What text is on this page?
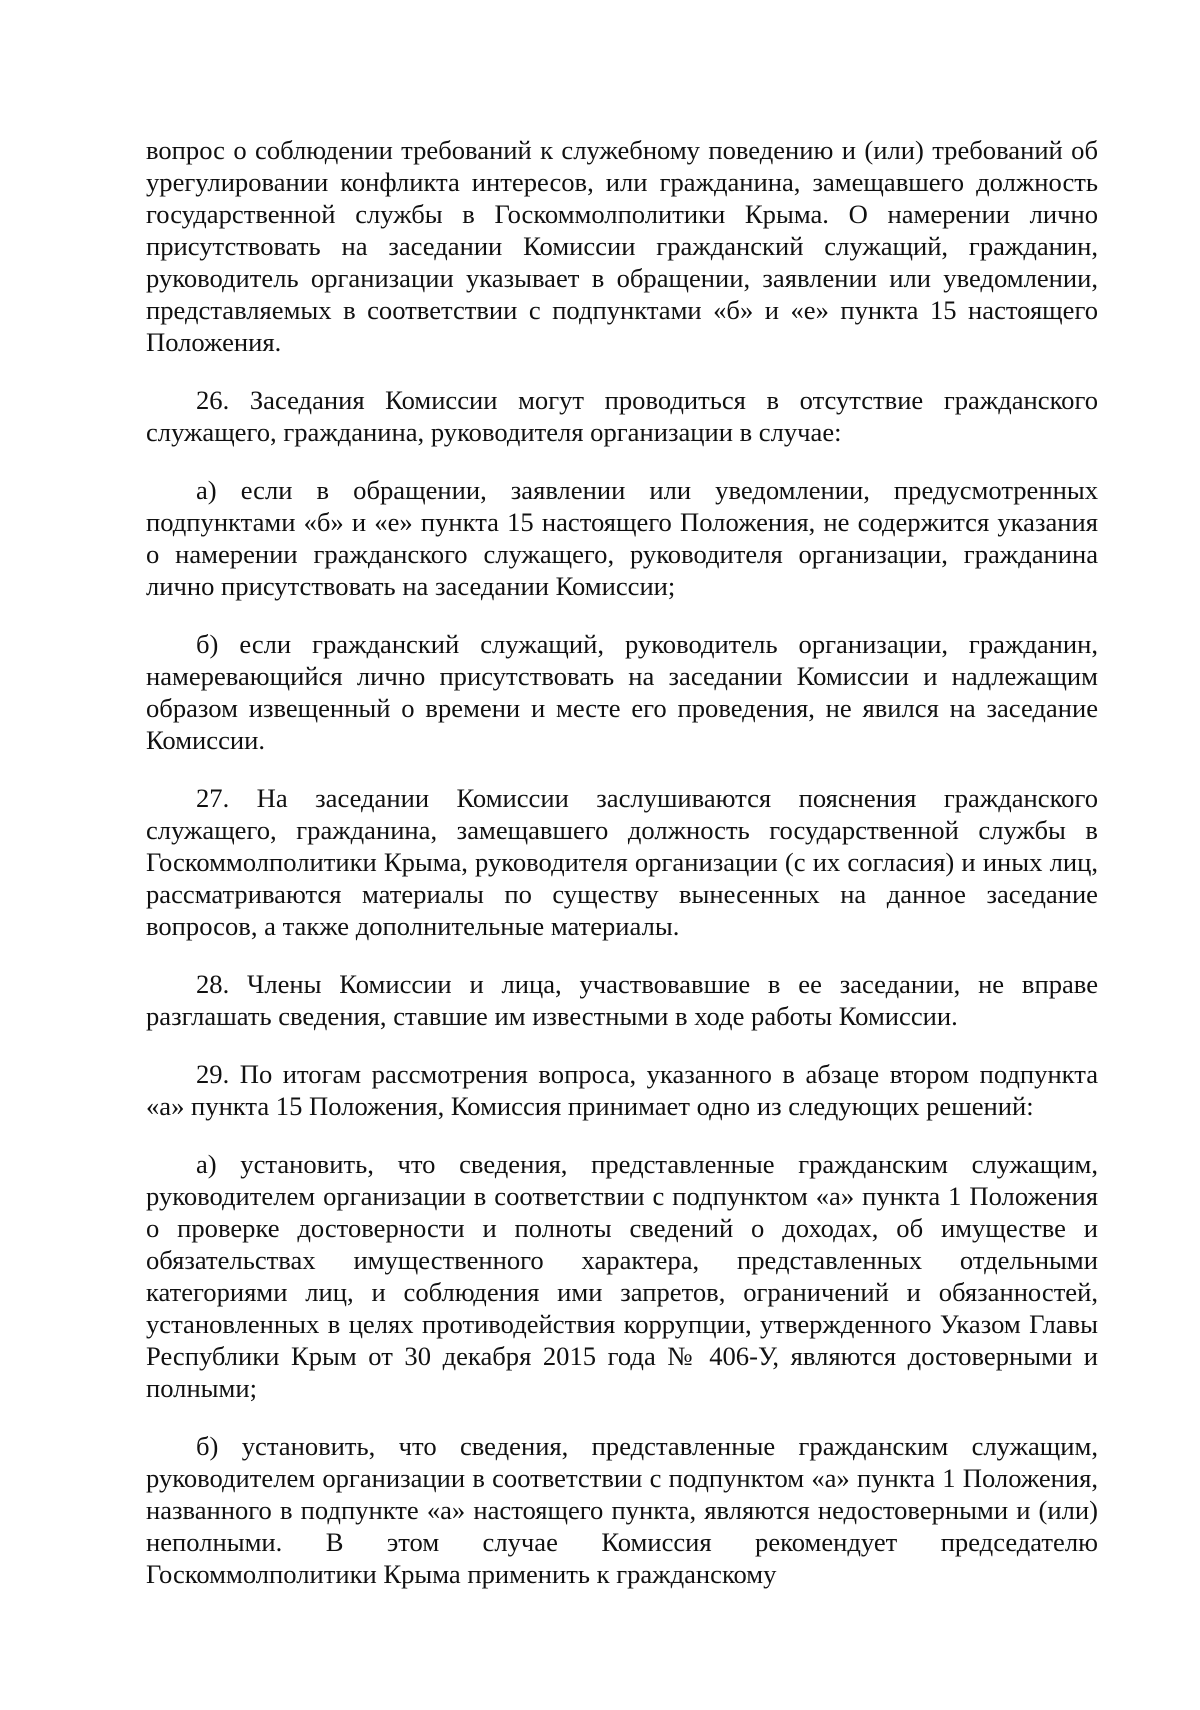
вопрос о соблюдении требований к служебному поведению и (или) требований об урегулировании конфликта интересов, или гражданина, замещавшего должность государственной службы в Госкоммолполитики Крыма. О намерении лично присутствовать на заседании Комиссии гражданский служащий, гражданин, руководитель организации указывает в обращении, заявлении или уведомлении, представляемых в соответствии с подпунктами «б» и «е» пункта 15 настоящего Положения.

26. Заседания Комиссии могут проводиться в отсутствие гражданского служащего, гражданина, руководителя организации в случае:

а) если в обращении, заявлении или уведомлении, предусмотренных подпунктами «б» и «е» пункта 15 настоящего Положения, не содержится указания о намерении гражданского служащего, руководителя организации, гражданина лично присутствовать на заседании Комиссии;

б) если гражданский служащий, руководитель организации, гражданин, намеревающийся лично присутствовать на заседании Комиссии и надлежащим образом извещенный о времени и месте его проведения, не явился на заседание Комиссии.

27. На заседании Комиссии заслушиваются пояснения гражданского служащего, гражданина, замещавшего должность государственной службы в Госкоммолполитики Крыма, руководителя организации (с их согласия) и иных лиц, рассматриваются материалы по существу вынесенных на данное заседание вопросов, а также дополнительные материалы.

28. Члены Комиссии и лица, участвовавшие в ее заседании, не вправе разглашать сведения, ставшие им известными в ходе работы Комиссии.

29. По итогам рассмотрения вопроса, указанного в абзаце втором подпункта «а» пункта 15 Положения, Комиссия принимает одно из следующих решений:

а) установить, что сведения, представленные гражданским служащим, руководителем организации в соответствии с подпунктом «а» пункта 1 Положения о проверке достоверности и полноты сведений о доходах, об имуществе и обязательствах имущественного характера, представленных отдельными категориями лиц, и соблюдения ими запретов, ограничений и обязанностей, установленных в целях противодействия коррупции, утвержденного Указом Главы Республики Крым от 30 декабря 2015 года № 406-У, являются достоверными и полными;

б) установить, что сведения, представленные гражданским служащим, руководителем организации в соответствии с подпунктом «а» пункта 1 Положения, названного в подпункте «а» настоящего пункта, являются недостоверными и (или) неполными. В этом случае Комиссия рекомендует председателю Госкоммолполитики Крыма применить к гражданскому
